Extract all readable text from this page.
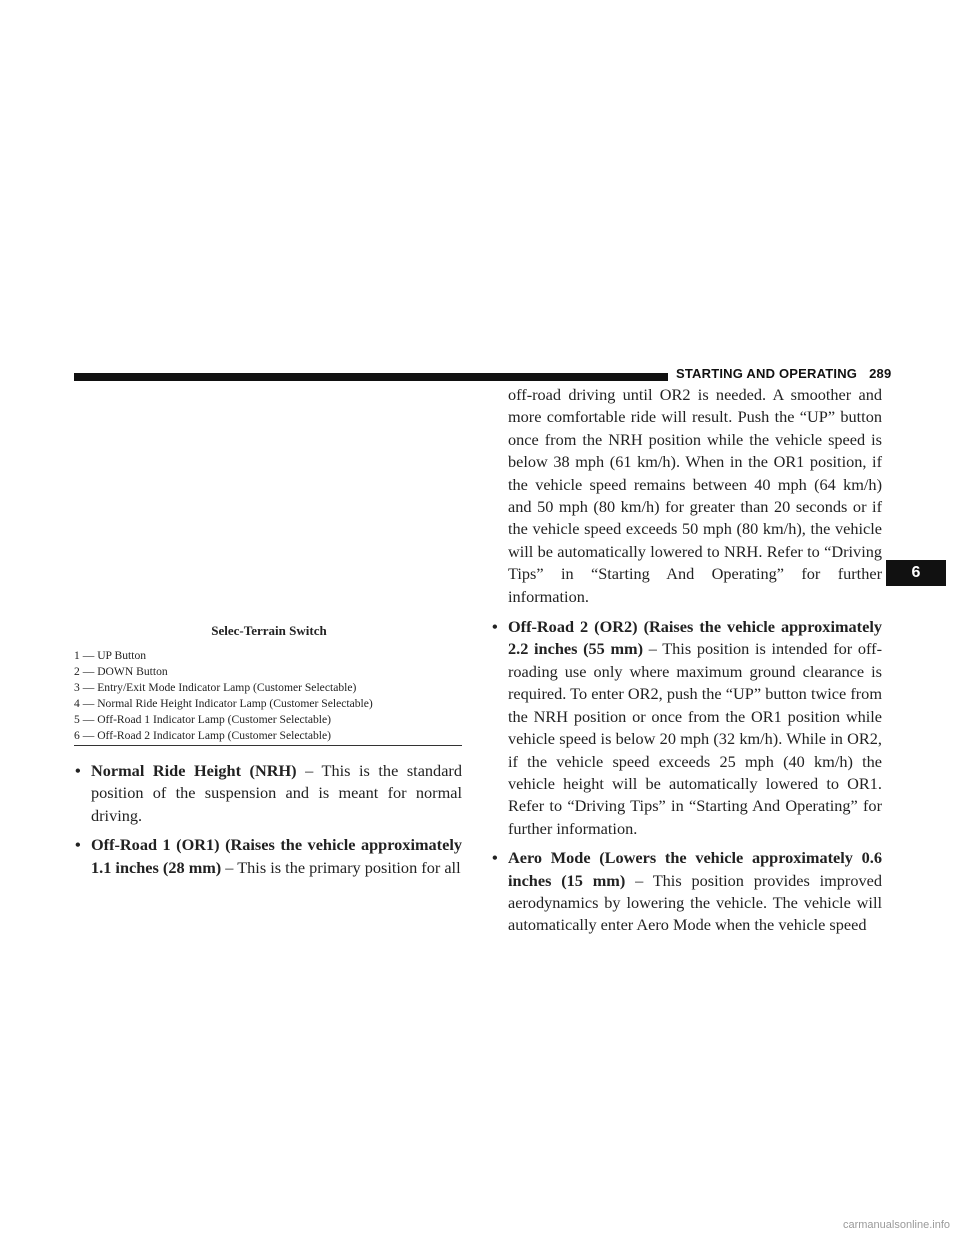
STARTING AND OPERATING 289
6
Selec-Terrain Switch
1 — UP Button
2 — DOWN Button
3 — Entry/Exit Mode Indicator Lamp (Customer Selectable)
4 — Normal Ride Height Indicator Lamp (Customer Selectable)
5 — Off-Road 1 Indicator Lamp (Customer Selectable)
6 — Off-Road 2 Indicator Lamp (Customer Selectable)
• Normal Ride Height (NRH) – This is the standard position of the suspension and is meant for normal driving.
• Off-Road 1 (OR1) (Raises the vehicle approximately 1.1 inches (28 mm) – This is the primary position for all
off-road driving until OR2 is needed. A smoother and more comfortable ride will result. Push the “UP” button once from the NRH position while the vehicle speed is below 38 mph (61 km/h). When in the OR1 position, if the vehicle speed remains between 40 mph (64 km/h) and 50 mph (80 km/h) for greater than 20 seconds or if the vehicle speed exceeds 50 mph (80 km/h), the vehicle will be automatically lowered to NRH. Refer to “Driving Tips” in “Starting And Operating” for further information.
• Off-Road 2 (OR2) (Raises the vehicle approximately 2.2 inches (55 mm) – This position is intended for off-roading use only where maximum ground clearance is required. To enter OR2, push the “UP” button twice from the NRH position or once from the OR1 position while vehicle speed is below 20 mph (32 km/h). While in OR2, if the vehicle speed exceeds 25 mph (40 km/h) the vehicle height will be automatically lowered to OR1. Refer to “Driving Tips” in “Starting And Operating” for further information.
• Aero Mode (Lowers the vehicle approximately 0.6 inches (15 mm) – This position provides improved aerodynamics by lowering the vehicle. The vehicle will automatically enter Aero Mode when the vehicle speed
carmanualsonline.info
